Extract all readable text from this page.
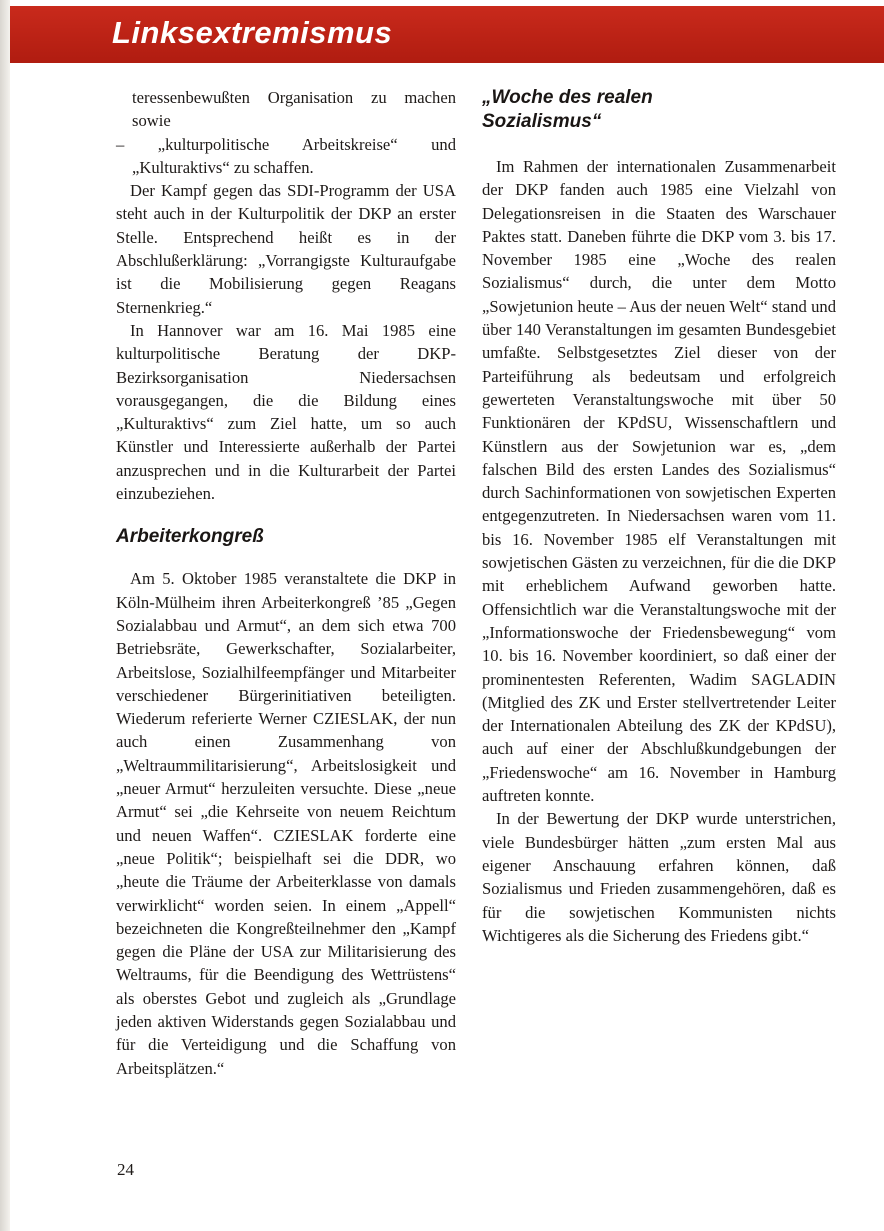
Linksextremismus

teressenbewußten Organisation zu machen sowie

– „kulturpolitische Arbeitskreise“ und „Kulturaktivs“ zu schaffen.

Der Kampf gegen das SDI-Programm der USA steht auch in der Kulturpolitik der DKP an erster Stelle. Entsprechend heißt es in der Abschlußerklärung: „Vorrangigste Kulturaufgabe ist die Mobilisierung gegen Reagans Sternenkrieg.“

In Hannover war am 16. Mai 1985 eine kulturpolitische Beratung der DKP-Bezirksorganisation Niedersachsen vorausgegangen, die die Bildung eines „Kulturaktivs“ zum Ziel hatte, um so auch Künstler und Interessierte außerhalb der Partei anzusprechen und in die Kulturarbeit der Partei einzubeziehen.

Arbeiterkongreß

Am 5. Oktober 1985 veranstaltete die DKP in Köln-Mülheim ihren Arbeiterkongreß ’85 „Gegen Sozialabbau und Armut“, an dem sich etwa 700 Betriebsräte, Gewerkschafter, Sozialarbeiter, Arbeitslose, Sozialhilfeempfänger und Mitarbeiter verschiedener Bürgerinitiativen beteiligten. Wiederum referierte Werner CZIESLAK, der nun auch einen Zusammenhang von „Weltraummilitarisierung“, Arbeitslosigkeit und „neuer Armut“ herzuleiten versuchte. Diese „neue Armut“ sei „die Kehrseite von neuem Reichtum und neuen Waffen“. CZIESLAK forderte eine „neue Politik“; beispielhaft sei die DDR, wo „heute die Träume der Arbeiterklasse von damals verwirklicht“ worden seien. In einem „Appell“ bezeichneten die Kongreßteilnehmer den „Kampf gegen die Pläne der USA zur Militarisierung des Weltraums, für die Beendigung des Wettrüstens“ als oberstes Gebot und zugleich als „Grundlage jeden aktiven Widerstands gegen Sozialabbau und für die Verteidigung und die Schaffung von Arbeitsplätzen.“

„Woche des realen
Sozialismus“

Im Rahmen der internationalen Zusammenarbeit der DKP fanden auch 1985 eine Vielzahl von Delegationsreisen in die Staaten des Warschauer Paktes statt. Daneben führte die DKP vom 3. bis 17. November 1985 eine „Woche des realen Sozialismus“ durch, die unter dem Motto „Sowjetunion heute – Aus der neuen Welt“ stand und über 140 Veranstaltungen im gesamten Bundesgebiet umfaßte. Selbstgesetztes Ziel dieser von der Parteiführung als bedeutsam und erfolgreich gewerteten Veranstaltungswoche mit über 50 Funktionären der KPdSU, Wissenschaftlern und Künstlern aus der Sowjetunion war es, „dem falschen Bild des ersten Landes des Sozialismus“ durch Sachinformationen von sowjetischen Experten entgegenzutreten. In Niedersachsen waren vom 11. bis 16. November 1985 elf Veranstaltungen mit sowjetischen Gästen zu verzeichnen, für die die DKP mit erheblichem Aufwand geworben hatte. Offensichtlich war die Veranstaltungswoche mit der „Informationswoche der Friedensbewegung“ vom 10. bis 16. November koordiniert, so daß einer der prominentesten Referenten, Wadim SAGLADIN (Mitglied des ZK und Erster stellvertretender Leiter der Internationalen Abteilung des ZK der KPdSU), auch auf einer der Abschlußkundgebungen der „Friedenswoche“ am 16. November in Hamburg auftreten konnte.

In der Bewertung der DKP wurde unterstrichen, viele Bundesbürger hätten „zum ersten Mal aus eigener Anschauung erfahren können, daß Sozialismus und Frieden zusammengehören, daß es für die sowjetischen Kommunisten nichts Wichtigeres als die Sicherung des Friedens gibt.“

24
